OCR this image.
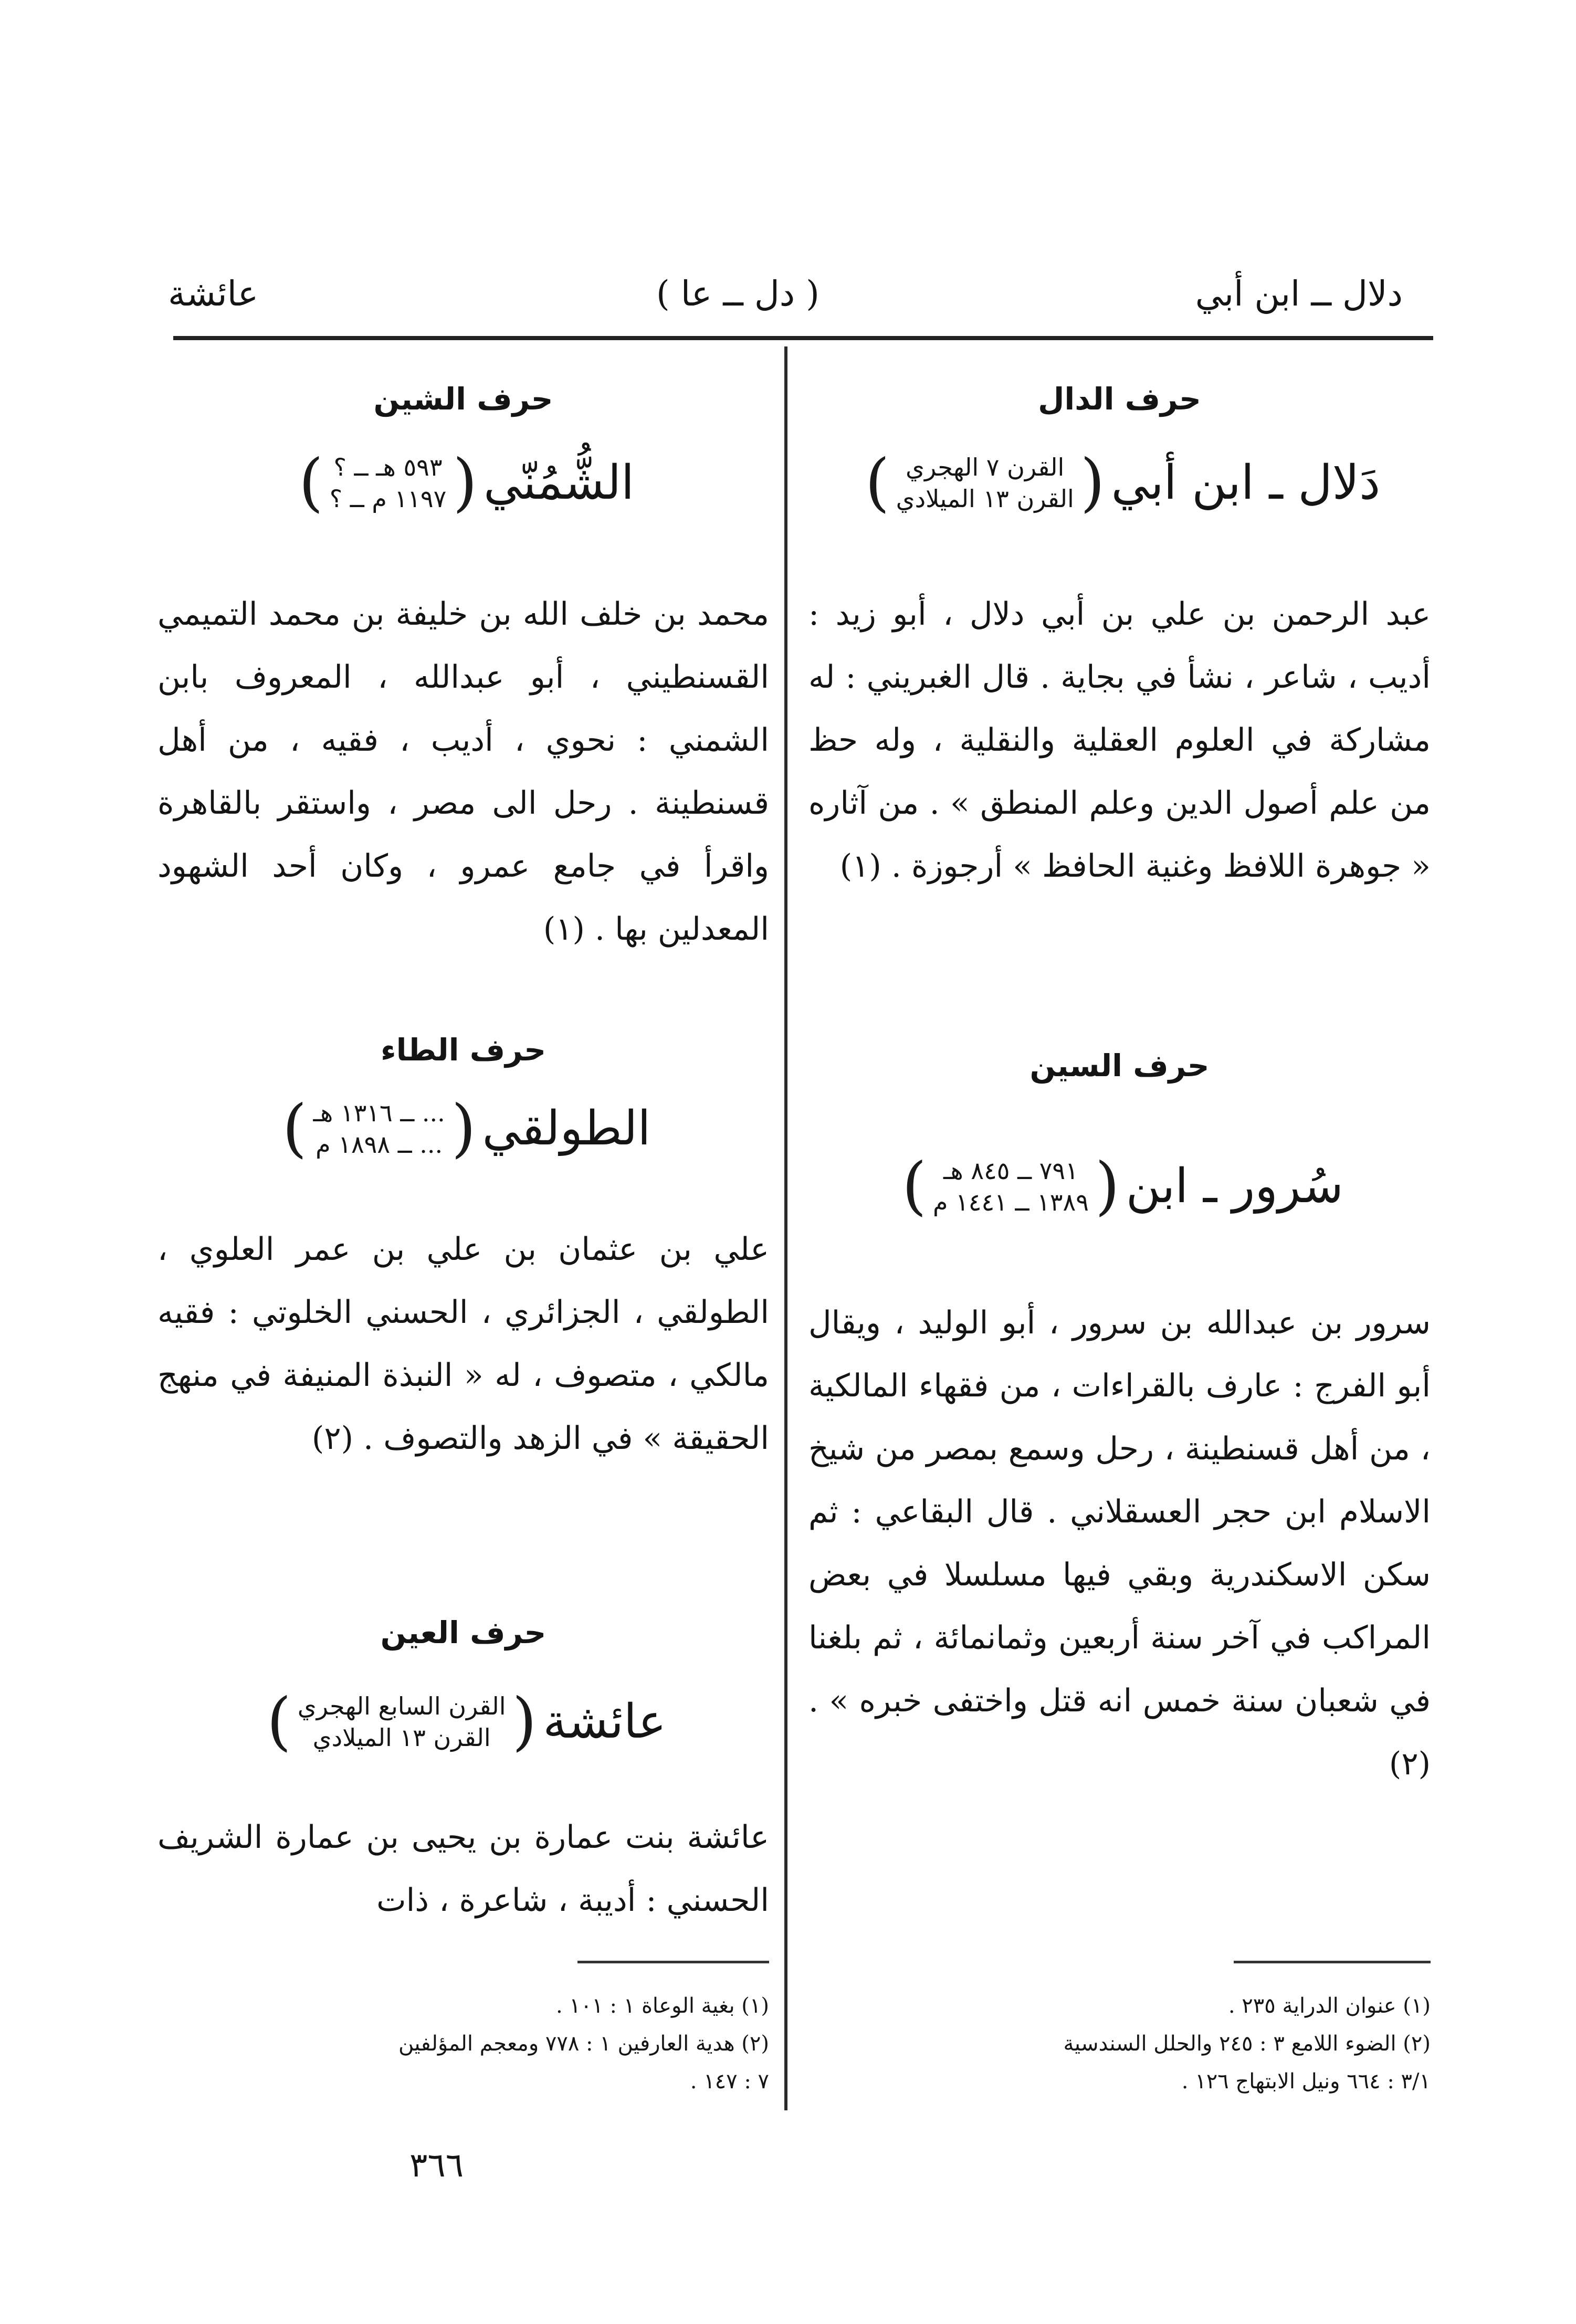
دلال ــ ابن أبي
( دل ــ عا )
عائشة
حرف الدال
دَلال ـ ابن أبي
(
القرن ٧ الهجري
القرن ١٣ الميلادي
)
عبد الرحمن بن علي بن أبي دلال ، أبو زيد : أديب ، شاعر ، نشأ في بجاية . قال الغبريني : له مشاركة في العلوم العقلية والنقلية ، وله حظ من علم أصول الدين وعلم المنطق » . من آثاره « جوهرة اللافظ وغنية الحافظ » أرجوزة . (١)
حرف السين
سُرور ـ ابن
(
٧٩١ ــ ٨٤٥ هـ
١٣٨٩ ــ ١٤٤١ م
)
سرور بن عبدالله بن سرور ، أبو الوليد ، ويقال أبو الفرج : عارف بالقراءات ، من فقهاء المالكية ، من أهل قسنطينة ، رحل وسمع بمصر من شيخ الاسلام ابن حجر العسقلاني . قال البقاعي : ثم سكن الاسكندرية وبقي فيها مسلسلا في بعض المراكب في آخر سنة أربعين وثمانمائة ، ثم بلغنا في شعبان سنة خمس انه قتل واختفى خبره » . (٢)
(١) عنوان الدراية ٢٣٥ .
(٢) الضوء اللامع ٣ : ٢٤٥ والحلل السندسية
٣/١ : ٦٦٤ ونيل الابتهاج ١٢٦ .
حرف الشين
الشُّمُنّي
(
٥٩٣ هـ ــ ؟
١١٩٧ م ــ ؟
)
محمد بن خلف الله بن خليفة بن محمد التميمي القسنطيني ، أبو عبدالله ، المعروف بابن الشمني : نحوي ، أديب ، فقيه ، من أهل قسنطينة . رحل الى مصر ، واستقر بالقاهرة واقرأ في جامع عمرو ، وكان أحد الشهود المعدلين بها . (١)
حرف الطاء
الطولقي
(
... ــ ١٣١٦ هـ
... ــ ١٨٩٨ م
)
علي بن عثمان بن علي بن عمر العلوي ، الطولقي ، الجزائري ، الحسني الخلوتي : فقيه مالكي ، متصوف ، له « النبذة المنيفة في منهج الحقيقة » في الزهد والتصوف . (٢)
حرف العين
عائشة
(
القرن السابع الهجري
القرن ١٣ الميلادي
)
عائشة بنت عمارة بن يحيى بن عمارة الشريف الحسني : أديبة ، شاعرة ، ذات
(١) بغية الوعاة ١ : ١٠١ .
(٢) هدية العارفين ١ : ٧٧٨ ومعجم المؤلفين
٧ : ١٤٧ .
٣٦٦
